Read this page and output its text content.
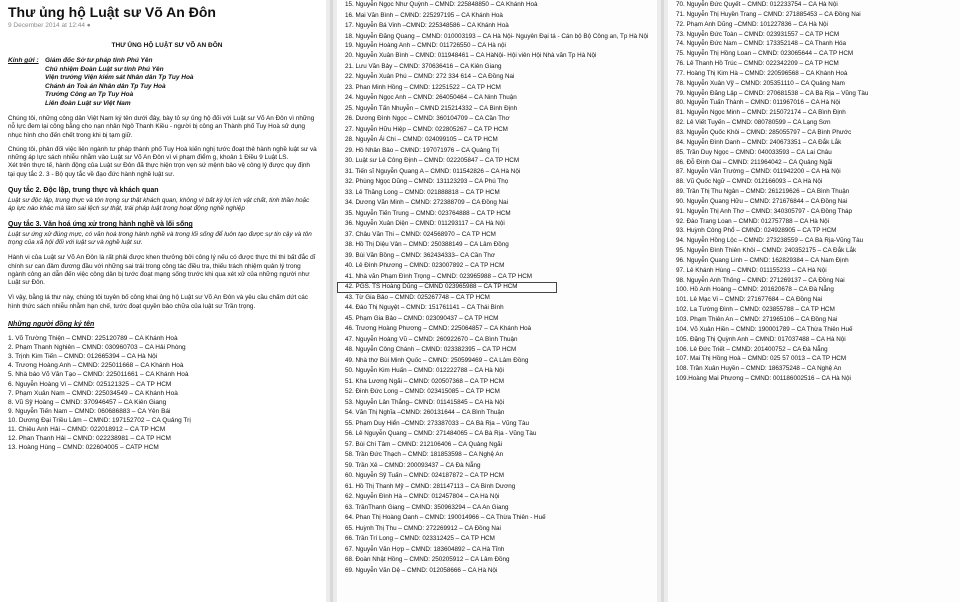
Thư ủng hộ Luật sư Võ An Đôn
9 December 2014 at 12:44 ●
THƯ ỦNG HỘ LUẬT SƯ VÕ AN ĐÔN
Kính gửi : Giám đốc Sở tư pháp tỉnh Phú Yên
Chủ nhiệm Đoàn Luật sư tỉnh Phú Yên
Viện trưởng Viện kiểm sát Nhân dân Tp Tuy Hoà
Chánh án Toà án Nhân dân Tp Tuy Hoà
Trưởng Công an Tp Tuy Hoà
Liên đoàn Luật sư Việt Nam

Chúng tôi, những công dân Việt Nam ký tên dưới đây, bày tỏ sự ủng hộ đối với Luật sư Võ An Đôn vì những nỗ lực đem lại công bằng cho nạn nhân Ngô Thanh Kiều - người bị công an Thành phố Tuy Hoà sử dụng nhục hình cho đến chết trong khi bị tạm giữ.

Chúng tôi, phản đối việc liên ngành tư pháp thành phố Tuy Hoà kiến nghị tước đoạt thẻ hành nghề luật sư và những áp lực sách nhiễu nhằm vào Luật sư Võ An Đôn vì vi phạm điểm g, khoản 1 Điều 9 Luật LS.

Xét trên thực tế, hành động của Luật sư Đôn đã thực hiện trọn vẹn sứ mệnh bảo vệ công lý được quy định tại quy tắc 2. 3 - Bộ quy tắc về đạo đức hành nghề luật sư.

Quy tắc 2. Độc lập, trung thực và khách quan

Luật sư độc lập, trung thực và tôn trọng sự thật khách quan, không vì bất kỳ lợi ích vật chất, tinh thần hoặc áp lực nào khác mà làm sai lệch sự thật, trái pháp luật trong hoạt động nghề nghiệp

Quy tắc 3. Văn hoá ứng xử trong hành nghề và lối sống

Luật sư ứng xử đúng mực, có văn hoá trong hành nghề và trong lối sống để luôn tạo được sự tin cậy và tôn trọng của xã hội đối với luật sư và nghề luật sư.

Hành vi của Luật sư Võ An Đôn là rất phải được khen thưởng bởi công lý nếu có được thực thi thì bất đắc dĩ chính sư can đảm đương đầu với những sai trái trong công tác điều tra, thiếu trách nhiệm quản lý trong ngành công an dẫn đến việc công dân bị tước đoạt mạng sống trước khi qua xét xử của những người như Luật sư Đôn.

Vì vậy, bằng lá thư này, chúng tôi tuyên bố công khai ủng hộ Luật sư Võ An Đôn và yêu cầu chấm dứt các hình thức sách nhiễu nhằm hạn chế, tước đoạt quyền bảo chữa của luật sư Trần trọng.

Những người đồng ký tên
1. Võ Trường Thiện – CMND: 225120789 – CA Khánh Hoà
2. Phạm Thanh Nghiên – CMND: 030960703 – CA Hải Phòng
3. Trịnh Kim Tiến – CMND: 012665394 – CA Hà Nội
4. Trương Hoàng Anh – CMND: 225011668 – CA Khánh Hoà
5. Nhà báo Võ Văn Tạo – CMND: 225011661 – CA Khánh Hoà
6. Nguyễn Hoàng Vi – CMND: 025121325 – CA TP HCM
7. Phạm Xuân Nam – CMND: 225034549 – CA Khánh Hoà
8. Vũ Sỹ Hoàng – CMND: 370946457 – CA Kiên Giang
9. Nguyễn Tiến Nam – CMND: 060686883 – CA Yên Bái
10. Dương Đại Triều Lâm – CMND: 197152702 – CA Quảng Trị
11. Chiêu Anh Hải – CMND: 022018912 – CA TP HCM
12. Phan Thanh Hải – CMND: 022238981 – CA TP HCM
13. Hoàng Hùng – CMND: 022604005 – CATP HCM
15. Nguyễn Ngọc Như Quỳnh – CMND: 225848850 – CA Khánh Hoà
16. Mai Văn Bình – CMND: 225297195 – CA Khánh Hoà
17. Nguyễn Bá Vinh –CMND: 225348586 – CA Khánh Hoà
18. Nguyễn Đăng Quang – CMND: 010003193 – CA Hà Nội- Nguyên Đại tá - Cán bộ Bộ Công an, Tp Hà Nội
19. Nguyễn Hoàng Anh – CMND: 011726550 – CA Hà nội
20. Nguyễn Xuân Bình – CMND: 011948461 – CA HàNội- Hội viên Hội Nhà văn Tp Hà Nội
21. Lưu Văn Bảy – CMND: 370636416 – CA Kiên Giang
22. Nguyễn Xuân Phú – CMND: 272 334 614 – CA Đồng Nai
23. Phan Minh Hồng – CMND: 12251522 – CA TP HCM
24. Nguyễn Ngọc Anh – CMND: 264050464 – CA Ninh Thuận
25. Nguyễn Tấn Nhuyễn – CMND 215214332 – CA Bình Định
26. Dương Đình Ngọc – CMND: 360104709 – CA Cần Thơ
27. Nguyễn Hữu Hiệp – CMND: 022805267 – CA TP HCM
28. Nguyễn Ái Chi – CMND: 024099105 – CA TP HCM
29. Hồ Nhân Bảo – CMND: 197071976 – CA Quảng Trị
30. Luật sư Lê Công Định – CMND: 022205847 – CA TP HCM
31. Tiến sĩ Nguyễn Quang A – CMND: 011542826 – CA Hà Nội
32. Phùng Ngọc Dũng – CMND: 131123293 – CA Phú Thọ
33. Lê Thăng Long – CMND: 021888818 – CA TP HCM
34. Dương Văn Minh – CMND: 272388709 – CA Đồng Nai
35. Nguyễn Tiến Trung – CMND: 023764888 – CA TP HCM
36. Nguyễn Xuân Diện – CMND: 011293117 – CA Hà Nội
37. Châu Văn Thi – CMND: 024568970 – CA TP HCM
38. Hồ Thị Diệu Vân – CMND: 250388149 – CA Lâm Đồng
39. Bùi Văn Bồng – CMND: 362434333– CA Cần Thơ
40. Lê Đình Phương – CMND: 023007892 – CA TP HCM
41. Nhà văn Phạm Đình Trọng – CMND: 023965988 – CA TP HCM
42. PGS. TS Hoàng Dũng – CMND 023965988 – CA TP HCM
43. Từ Gia Bảo – CMND: 025267748 – CA TP HCM
44. Đào Thị Nguyệt – CMND: 151761141 – CA Thái Bình
45. Phạm Gia Bảo – CMND: 023090437 – CA TP HCM
46. Trương Hoàng Phương – CMND: 225064857 – CA Khánh Hoà
47. Nguyễn Hoàng Vũ – CMND: 260922670 – CA Bình Thuận
48. Nguyễn Công Chánh – CMND: 023382395 – CA TP HCM
49. Nhà thơ Bùi Minh Quốc – CMND: 250599469 – CA Lâm Đồng
50. Nguyễn Kim Huấn – CMND: 012222788 – CA Hà Nội
51. Kha Lương Ngãi – CMND: 020507368 – CA TP HCM
52. Đinh Đức Long – CMND: 023415085 – CA TP HCM
53. Nguyễn Lân Thắng– CMND: 011415845 – CA Hà Nội
54. Văn Thị Nghĩa –CMND: 260131644 – CA Bình Thuận
55. Phạm Duy Hiển –CMND: 273387033 – CA Bà Rịa – Vũng Tàu
56. Lê Nguyễn Quang – CMND: 271484065 – CA Bà Rịa - Vũng Tàu
57. Bùi Chí Tâm – CMND: 212106406 – CA Quảng Ngãi
58. Trần Đức Thạch – CMND: 181853598 – CA Nghệ An
59. Trần Xê – CMND: 200093437 – CA Đà Nẵng
60. Nguyễn Sỹ Tuấn – CMND: 024187872 – CA TP HCM
61. Hồ Thị Thanh Mỹ – CMND: 281147113 – CA Bình Dương
62. Nguyễn Đình Hà – CMND: 012457804 – CA Hà Nội
63. TrầnThanh Giang – CMND: 350963294 – CA An Giang
64. Phan Thị Hoàng Oanh – CMND: 190014966 – CA Thừa Thiên - Huế
65. Huỳnh Thị Thu – CMND: 272269912 – CA Đồng Nai
66. Trần Trí Long – CMND: 023312425 – CA TP HCM
67. Nguyễn Văn Hợp – CMND: 183604892 – CA Hà Tĩnh
68. Đoàn Nhật Hồng – CMND: 250205912 – CA Lâm Đồng
69. Nguyễn Văn Dệ – CMND: 012058666 – CA Hà Nội
70. Nguyễn Đức Quyết – CMND: 012233754 – CA Hà Nội
71. Nguyễn Thị Huyền Trang – CMND: 271885453 – CA Đồng Nai
72. Phạm Anh Dũng –CMND: 101227836 – CA Hà Nội
73. Nguyễn Đức Toàn – CMND: 023931557 – CA TP HCM
74. Nguyễn Đức Nam – CMND: 173352148 – CA Thanh Hóa
75. Nguyễn Thị Hồng Loan – CMND: 023065644 – CA TP HCM
76. Lê Thanh Hồ Trúc – CMND: 022342209 – CA TP HCM
77. Hoàng Thị Kim Hà – CMND: 220596568 – CA Khánh Hoà
78. Nguyễn Xuân Vỹ – CMND: 205351110 – CA Quảng Nam
79. Nguyễn Đăng Lập – CMND: 270681538 – CA Bà Rịa – Vũng Tàu
80. Nguyễn Tuấn Thành – CMND: 011967016 – CA Hà Nội
81. Nguyễn Ngọc Minh – CMND: 215072174 – CA Bình Định
82. Lê Viết Tuyến – CMND: 080780599 – CA Lạng Sơn
83. Nguyễn Quốc Khôi – CMND: 285055797 – CA Bình Phước
84. Nguyễn Đình Danh – CMND: 240673351 – CA Đắk Lắk
85. Trần Duy Ngọc – CMND: 040033593 – CA Lai Châu
86. Đỗ Đình Oai – CMND: 211964042 – CA Quảng Ngãi
87. Nguyễn Văn Trường – CMND: 011942200 – CA Hà Nội
88. Vũ Quốc Ngữ – CMND: 012166093 – CA Hà Nội
89. Trần Thị Thu Ngân – CMND: 261219626 – CA Bình Thuận
90. Nguyễn Quang Hữu – CMND: 271676844 – CA Đồng Nai
91. Nguyễn Thị Anh Thơ – CMND: 340305797 - CA Đồng Tháp
92. Đào Trang Loan – CMND: 012757788 – CA Hà Nội
93. Huỳnh Công Phổ – CMND: 024928905 – CA TP HCM
94. Nguyễn Hồng Lộc – CMND: 273238559 – CA Bà Rịa-Vũng Tàu
95. Nguyễn Đình Thiên Khôi – CMND: 240352175 – CA Đắk Lắk
96. Nguyễn Quang Linh – CMND: 162829384 – CA Nam Định
97. Lê Khánh Hùng – CMND: 011155233 – CA Hà Nội
98. Nguyễn Anh Thống – CMND: 271269137 – CA Đồng Nai
100. Hồ Anh Hoàng – CMND: 201620678 – CA Đà Nẵng
101. Lê Mạc Vi – CMND: 271677684 – CA Đồng Nai
102. La Tường Đình – CMND: 023855788 – CA TP HCM
103. Phạm Thiên An – CMND: 271965106 – CA Đồng Nai
104. Võ Xuân Hiền – CMND: 190001789 – CA Thừa Thiên Huế
105. Đặng Thị Quỳnh Anh – CMND: 017037488 – CA Hà Nội
106. Lê Đức Triết – CMND: 201400752 – CA Đà Nẵng
107. Mai Thị Hồng Hoà – CMND: 025 57 0013 – CA TP HCM
108. Trần Xuân Huyền – CMND: 186375248 – CA Nghệ An
109.Hoàng Mai Phương – CMND: 001186002516 – CA Hà Nội
